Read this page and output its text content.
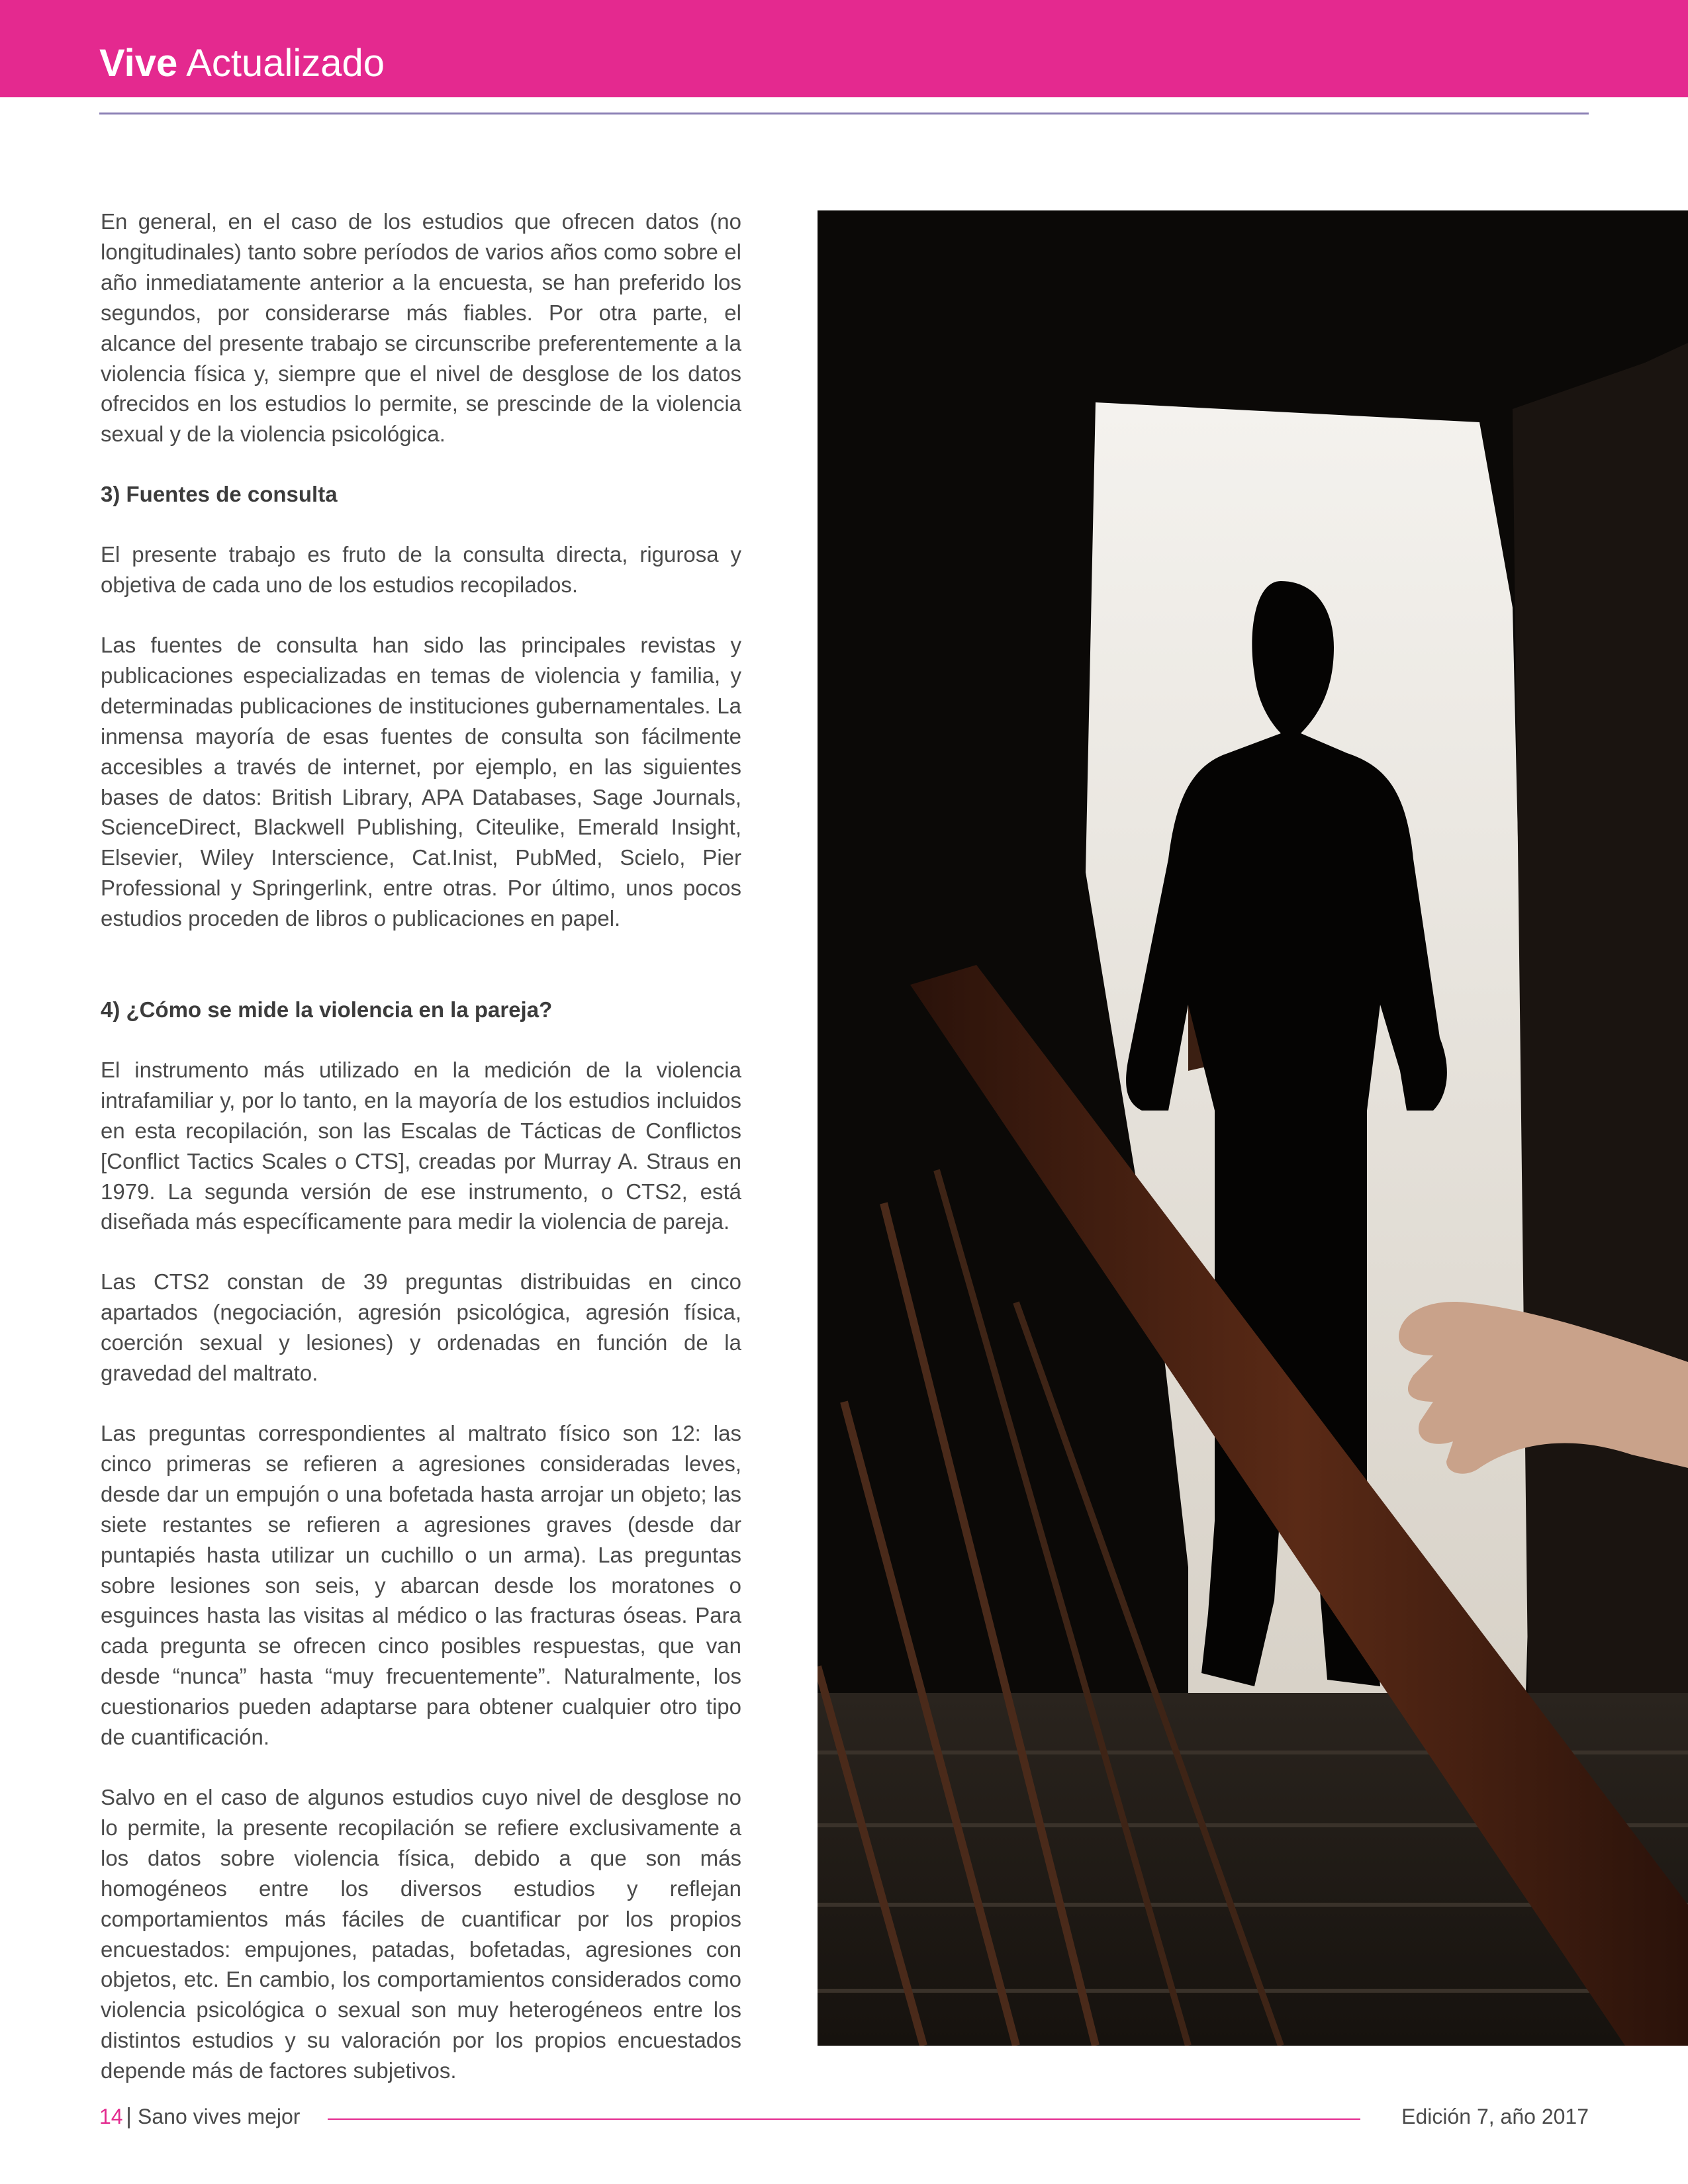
Vive Actualizado

En general, en el caso de los estudios que ofrecen datos (no longitudinales) tanto sobre períodos de varios años como sobre el año inmediatamente anterior a la encuesta, se han preferido los segundos, por considerarse más fiables. Por otra parte, el alcance del presente trabajo se circunscribe preferentemente a la violencia física y, siempre que el nivel de desglose de los datos ofrecidos en los estudios lo permite, se prescinde de la violencia sexual y de la violencia psicológica.

3) Fuentes de consulta

El presente trabajo es fruto de la consulta directa, rigurosa y objetiva de cada uno de los estudios recopilados.

Las fuentes de consulta han sido las principales revistas y publicaciones especializadas en temas de violencia y familia, y determinadas publicaciones de instituciones gubernamentales. La inmensa mayoría de esas fuentes de consulta son fácilmente accesibles a través de internet, por ejemplo, en las siguientes bases de datos: British Library, APA Databases, Sage Journals, ScienceDirect, Blackwell Publishing, Citeulike, Emerald Insight, Elsevier, Wiley Interscience, Cat.Inist, PubMed, Scielo, Pier Professional y Springerlink, entre otras. Por último, unos pocos estudios proceden de libros o publicaciones en papel.

4) ¿Cómo se mide la violencia en la pareja?

El instrumento más utilizado en la medición de la violencia intrafamiliar y, por lo tanto, en la mayoría de los estudios incluidos en esta recopilación, son las Escalas de Tácticas de Conflictos [Conflict Tactics Scales o CTS], creadas por Murray A. Straus en 1979. La segunda versión de ese instrumento, o CTS2, está diseñada más específicamente para medir la violencia de pareja.

Las CTS2 constan de 39 preguntas distribuidas en cinco apartados (negociación, agresión psicológica, agresión física, coerción sexual y lesiones) y ordenadas en función de la gravedad del maltrato.

Las preguntas correspondientes al maltrato físico son 12: las cinco primeras se refieren a agresiones consideradas leves, desde dar un empujón o una bofetada hasta arrojar un objeto; las siete restantes se refieren a agresiones graves (desde dar puntapiés hasta utilizar un cuchillo o un arma). Las preguntas sobre lesiones son seis, y abarcan desde los moratones o esguinces hasta las visitas al médico o las fracturas óseas. Para cada pregunta se ofrecen cinco posibles respuestas, que van desde “nunca” hasta “muy frecuentemente”. Naturalmente, los cuestionarios pueden adaptarse para obtener cualquier otro tipo de cuantificación.

Salvo en el caso de algunos estudios cuyo nivel de desglose no lo permite, la presente recopilación se refiere exclusivamente a los datos sobre violencia física, debido a que son más homogéneos entre los diversos estudios y reflejan comportamientos más fáciles de cuantificar por los propios encuestados: empujones, patadas, bofetadas, agresiones con objetos, etc. En cambio, los comportamientos considerados como violencia psicológica o sexual son muy heterogéneos entre los distintos estudios y su valoración por los propios encuestados depende más de factores subjetivos.

14 Sano vives mejor	Edición 7, año 2017
